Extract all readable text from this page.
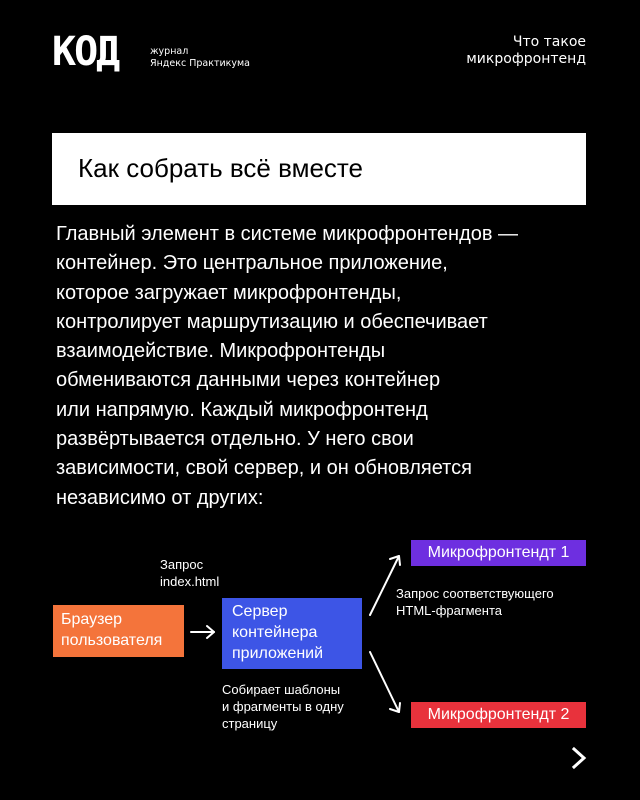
КОД	журнал
Яндекс Практикума
Что такое
микрофронтенд
Как собрать всё вместе
Главный элемент в системе микрофронтендов —
контейнер. Это центральное приложение,
которое загружает микрофронтенды,
контролирует маршрутизацию и обеспечивает
взаимодействие. Микрофронтенды
обмениваются данными через контейнер
или напрямую. Каждый микрофронтенд
развёртывается отдельно. У него свои
зависимости, свой сервер, и он обновляется
независимо от других:
Запрос
index.html
Запрос соответствующего
HTML-фрагмента
Собирает шаблоны
и фрагменты в одну
страницу
Браузер
пользователя
Сервер
контейнера
приложений
Микрофронтендт 1
Микрофронтендт 2
